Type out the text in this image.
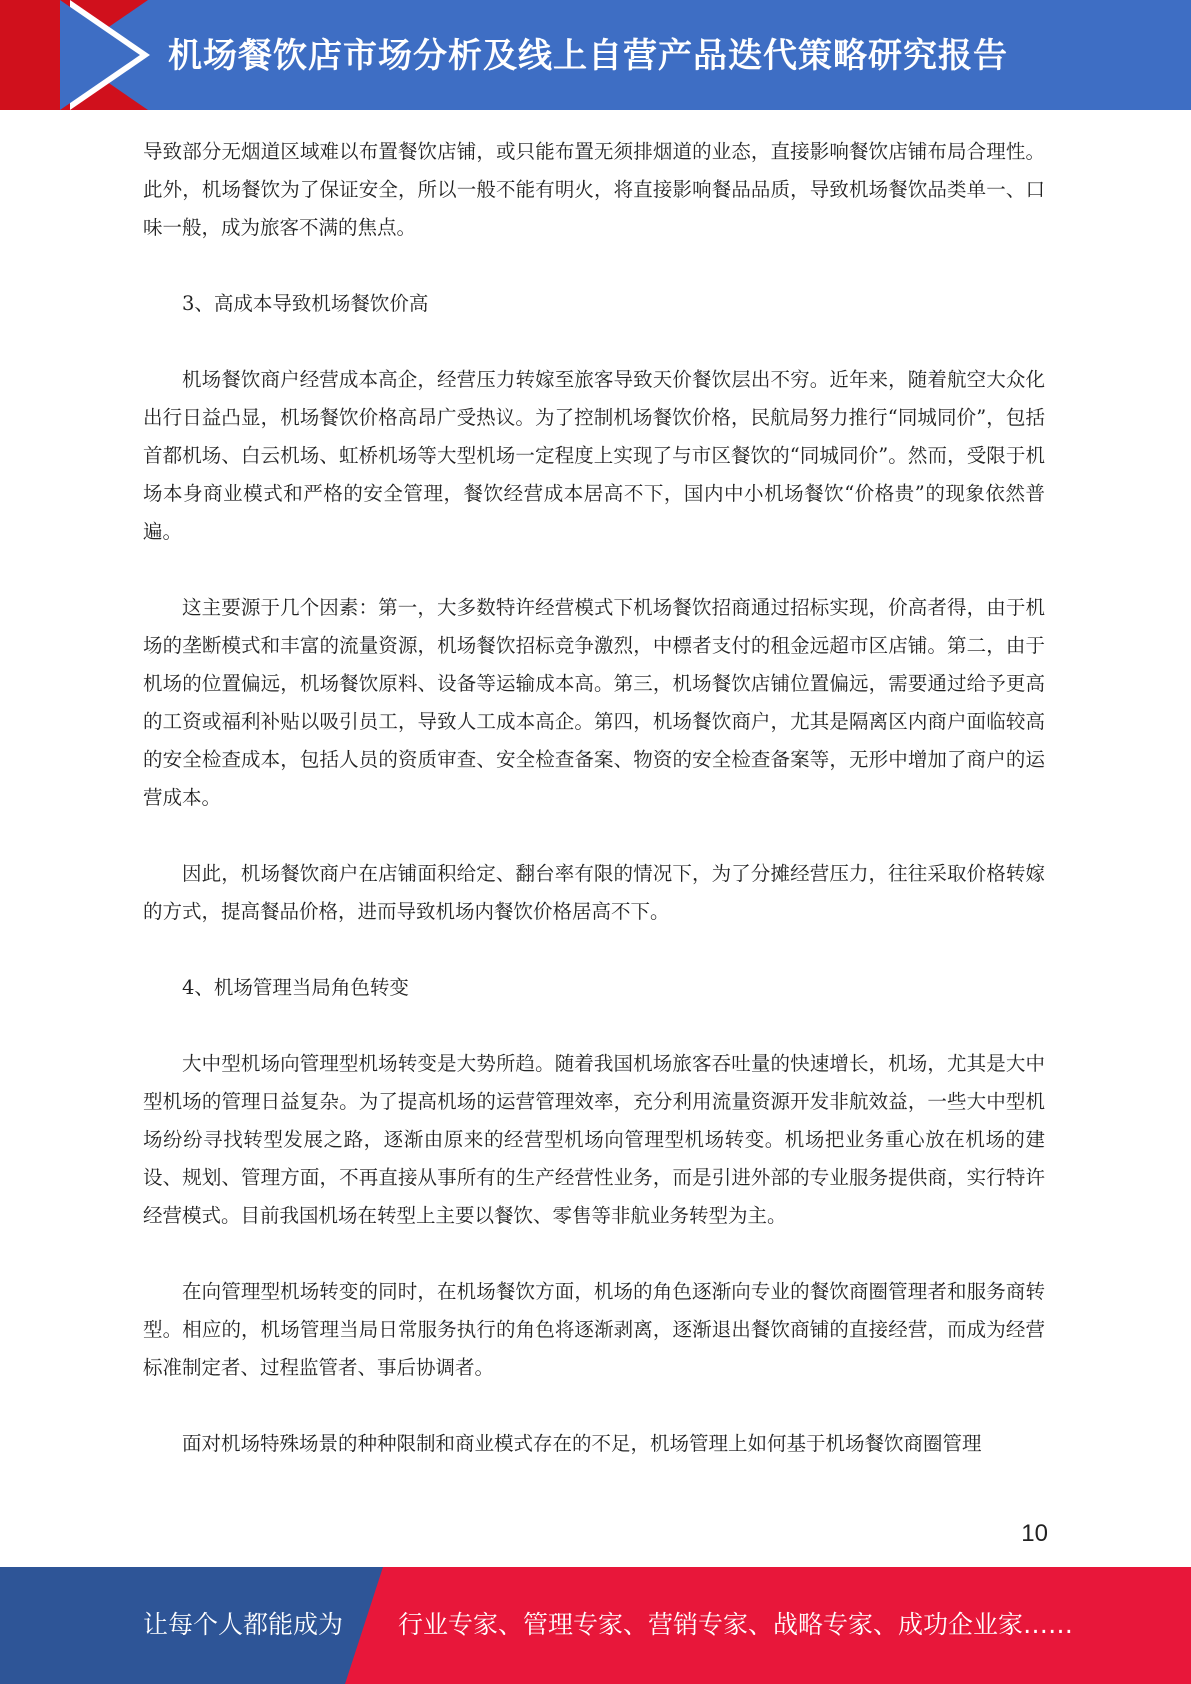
机场餐饮店市场分析及线上自营产品迭代策略研究报告

导致部分无烟道区域难以布置餐饮店铺，或只能布置无须排烟道的业态，直接影响餐饮店铺布局合理性。此外，机场餐饮为了保证安全，所以一般不能有明火，将直接影响餐品品质，导致机场餐饮品类单一、口味一般，成为旅客不满的焦点。

3、高成本导致机场餐饮价高

机场餐饮商户经营成本高企，经营压力转嫁至旅客导致天价餐饮层出不穷。近年来，随着航空大众化出行日益凸显，机场餐饮价格高昂广受热议。为了控制机场餐饮价格，民航局努力推行“同城同价”，包括首都机场、白云机场、虹桥机场等大型机场一定程度上实现了与市区餐饮的“同城同价”。然而，受限于机场本身商业模式和严格的安全管理，餐饮经营成本居高不下，国内中小机场餐饮“价格贵”的现象依然普遍。

这主要源于几个因素：第一，大多数特许经营模式下机场餐饮招商通过招标实现，价高者得，由于机场的垄断模式和丰富的流量资源，机场餐饮招标竞争激烈，中標者支付的租金远超市区店铺。第二，由于机场的位置偏远，机场餐饮原料、设备等运输成本高。第三，机场餐饮店铺位置偏远，需要通过给予更高的工资或福利补贴以吸引员工，导致人工成本高企。第四，机场餐饮商户，尤其是隔离区内商户面临较高的安全检查成本，包括人员的资质审查、安全检查备案、物资的安全检查备案等，无形中增加了商户的运营成本。

因此，机场餐饮商户在店铺面积给定、翻台率有限的情况下，为了分摊经营压力，往往采取价格转嫁的方式，提高餐品价格，进而导致机场内餐饮价格居高不下。

4、机场管理当局角色转变

大中型机场向管理型机场转变是大势所趋。随着我国机场旅客吞吐量的快速增长，机场，尤其是大中型机场的管理日益复杂。为了提高机场的运营管理效率，充分利用流量资源开发非航效益，一些大中型机场纷纷寻找转型发展之路，逐渐由原来的经营型机场向管理型机场转变。机场把业务重心放在机场的建设、规划、管理方面，不再直接从事所有的生产经营性业务，而是引进外部的专业服务提供商，实行特许经营模式。目前我国机场在转型上主要以餐饮、零售等非航业务转型为主。

在向管理型机场转变的同时，在机场餐饮方面，机场的角色逐渐向专业的餐饮商圈管理者和服务商转型。相应的，机场管理当局日常服务执行的角色将逐渐剥离，逐渐退出餐饮商铺的直接经营，而成为经营标准制定者、过程监管者、事后协调者。

面对机场特殊场景的种种限制和商业模式存在的不足，机场管理上如何基于机场餐饮商圈管理

10
让每个人都能成为 行业专家、管理专家、营销专家、战略专家、成功企业家……
